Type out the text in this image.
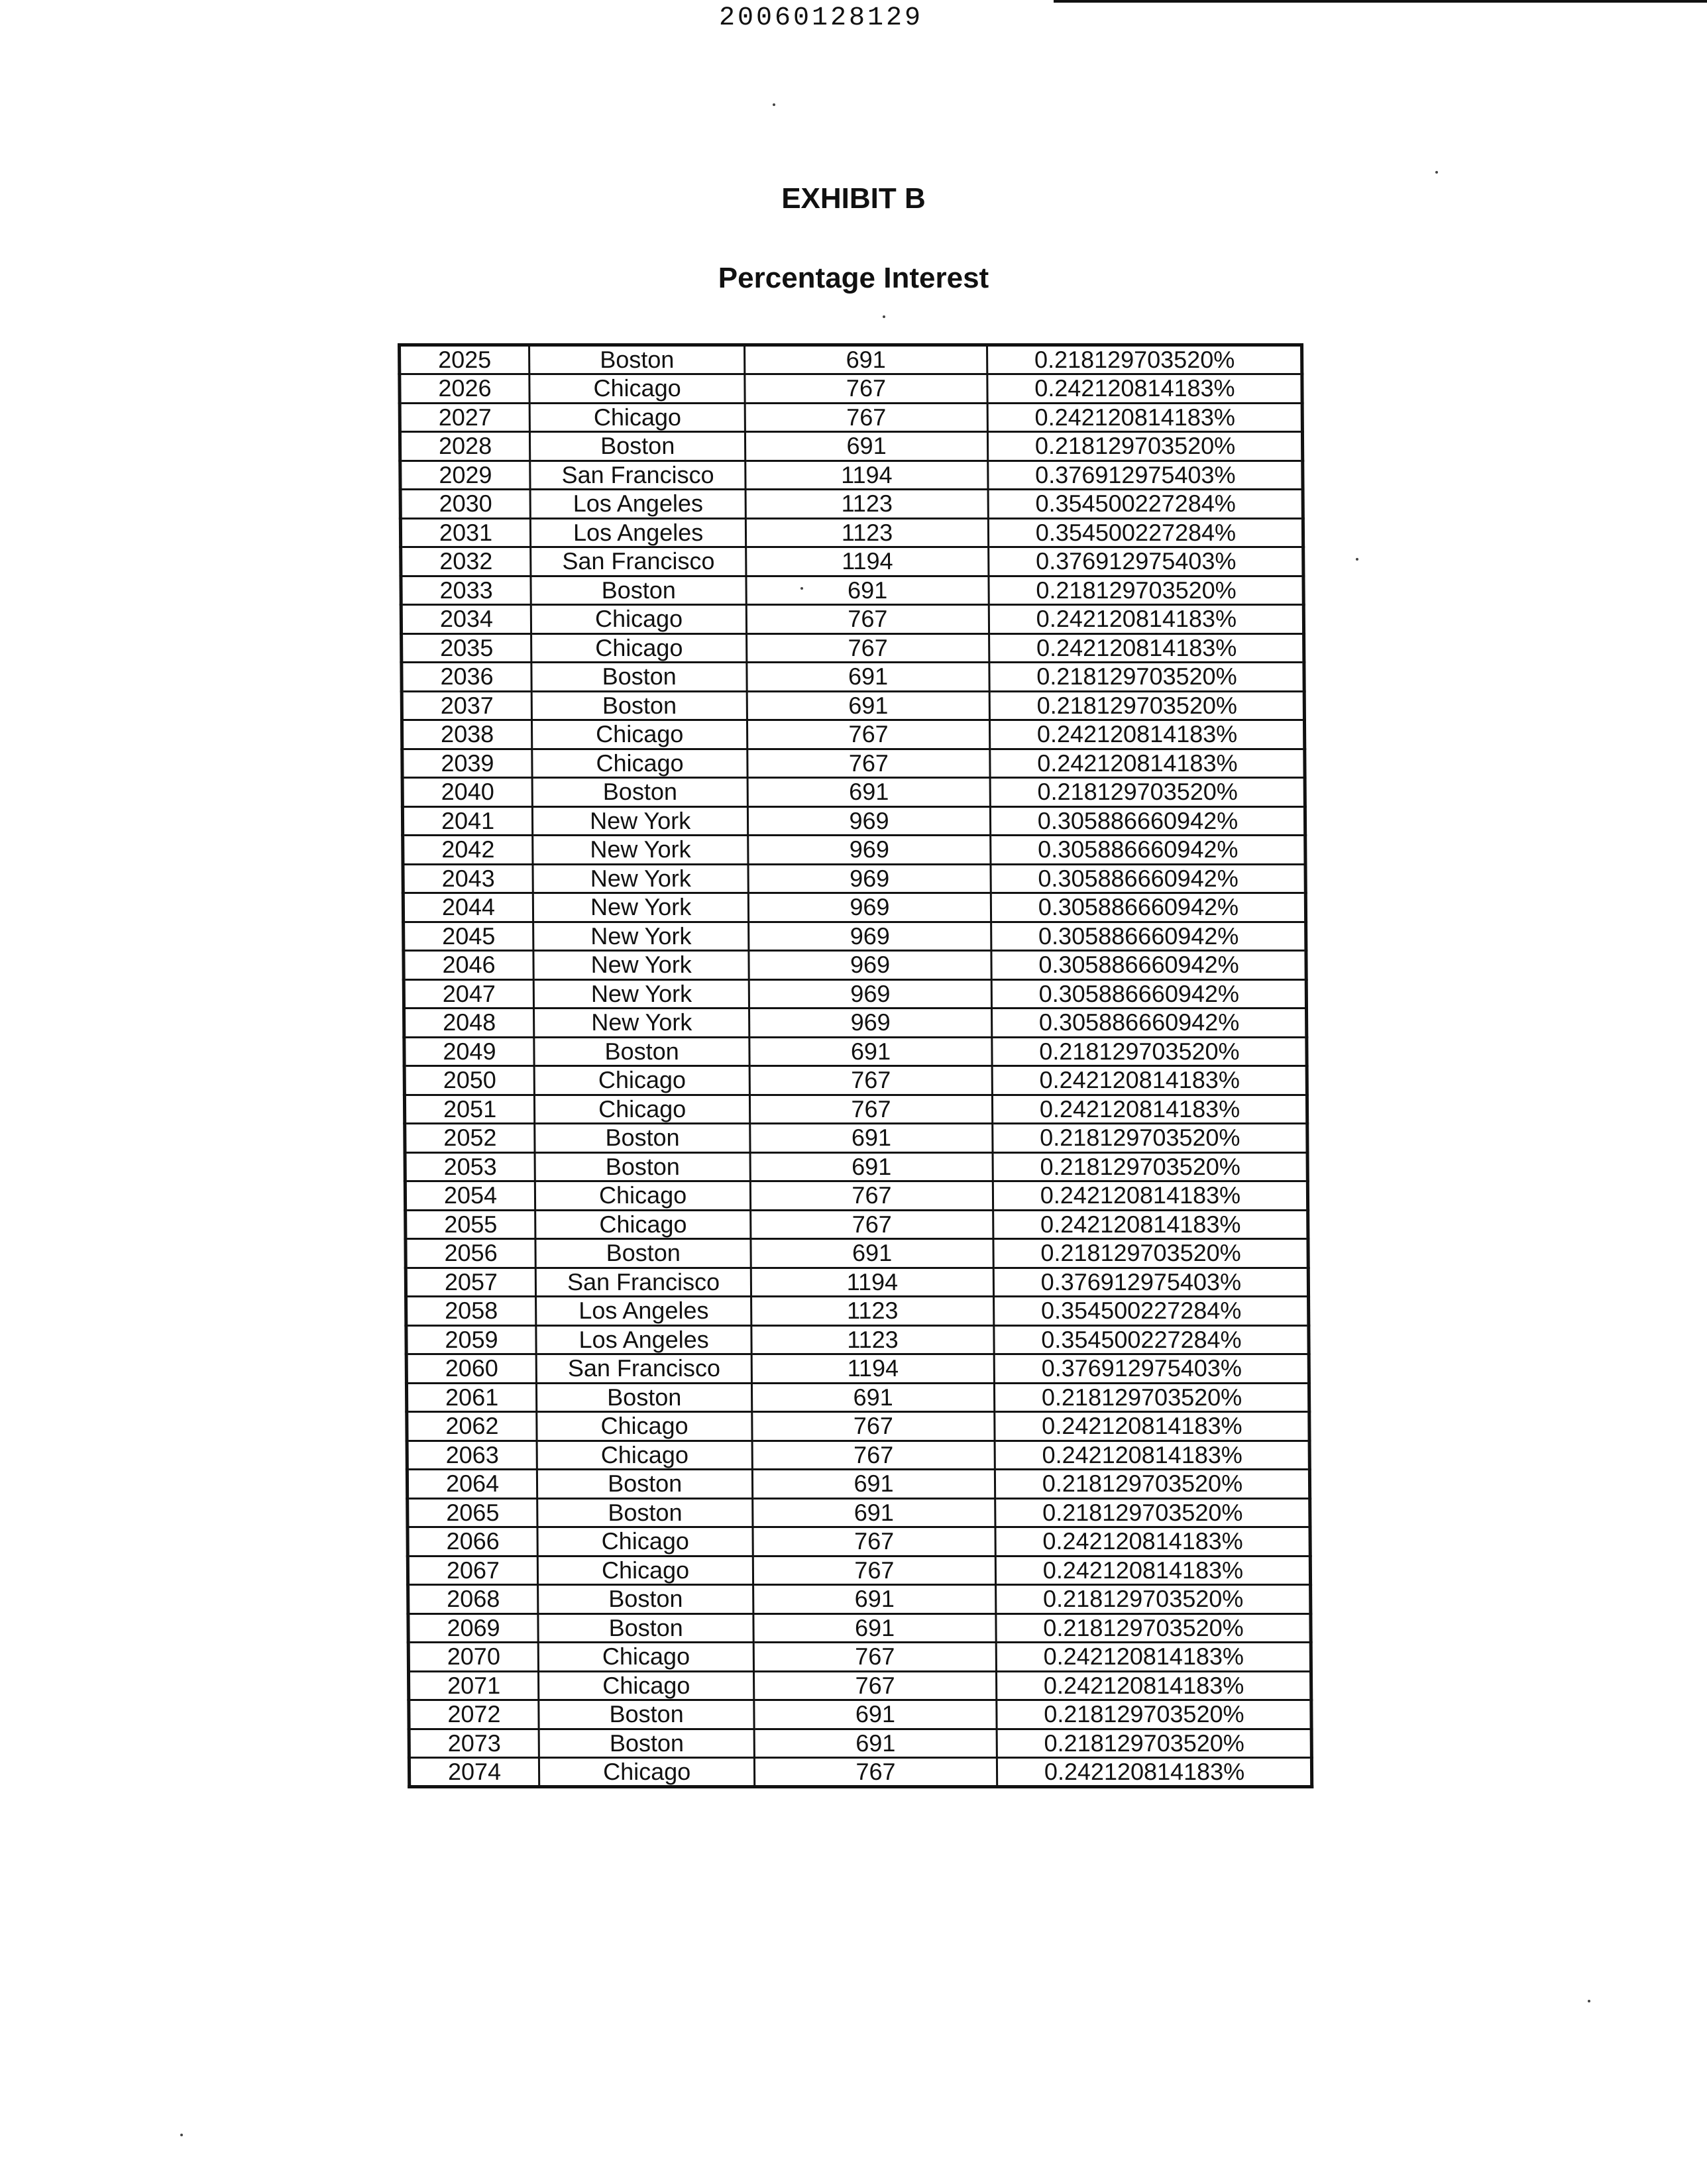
20060128129
EXHIBIT B
Percentage Interest
2025	Boston	691	0.218129703520%
2026	Chicago	767	0.242120814183%
2027	Chicago	767	0.242120814183%
2028	Boston	691	0.218129703520%
2029	San Francisco	1194	0.376912975403%
2030	Los Angeles	1123	0.354500227284%
2031	Los Angeles	1123	0.354500227284%
2032	San Francisco	1194	0.376912975403%
2033	Boston	691	0.218129703520%
2034	Chicago	767	0.242120814183%
2035	Chicago	767	0.242120814183%
2036	Boston	691	0.218129703520%
2037	Boston	691	0.218129703520%
2038	Chicago	767	0.242120814183%
2039	Chicago	767	0.242120814183%
2040	Boston	691	0.218129703520%
2041	New York	969	0.305886660942%
2042	New York	969	0.305886660942%
2043	New York	969	0.305886660942%
2044	New York	969	0.305886660942%
2045	New York	969	0.305886660942%
2046	New York	969	0.305886660942%
2047	New York	969	0.305886660942%
2048	New York	969	0.305886660942%
2049	Boston	691	0.218129703520%
2050	Chicago	767	0.242120814183%
2051	Chicago	767	0.242120814183%
2052	Boston	691	0.218129703520%
2053	Boston	691	0.218129703520%
2054	Chicago	767	0.242120814183%
2055	Chicago	767	0.242120814183%
2056	Boston	691	0.218129703520%
2057	San Francisco	1194	0.376912975403%
2058	Los Angeles	1123	0.354500227284%
2059	Los Angeles	1123	0.354500227284%
2060	San Francisco	1194	0.376912975403%
2061	Boston	691	0.218129703520%
2062	Chicago	767	0.242120814183%
2063	Chicago	767	0.242120814183%
2064	Boston	691	0.218129703520%
2065	Boston	691	0.218129703520%
2066	Chicago	767	0.242120814183%
2067	Chicago	767	0.242120814183%
2068	Boston	691	0.218129703520%
2069	Boston	691	0.218129703520%
2070	Chicago	767	0.242120814183%
2071	Chicago	767	0.242120814183%
2072	Boston	691	0.218129703520%
2073	Boston	691	0.218129703520%
2074	Chicago	767	0.242120814183%
